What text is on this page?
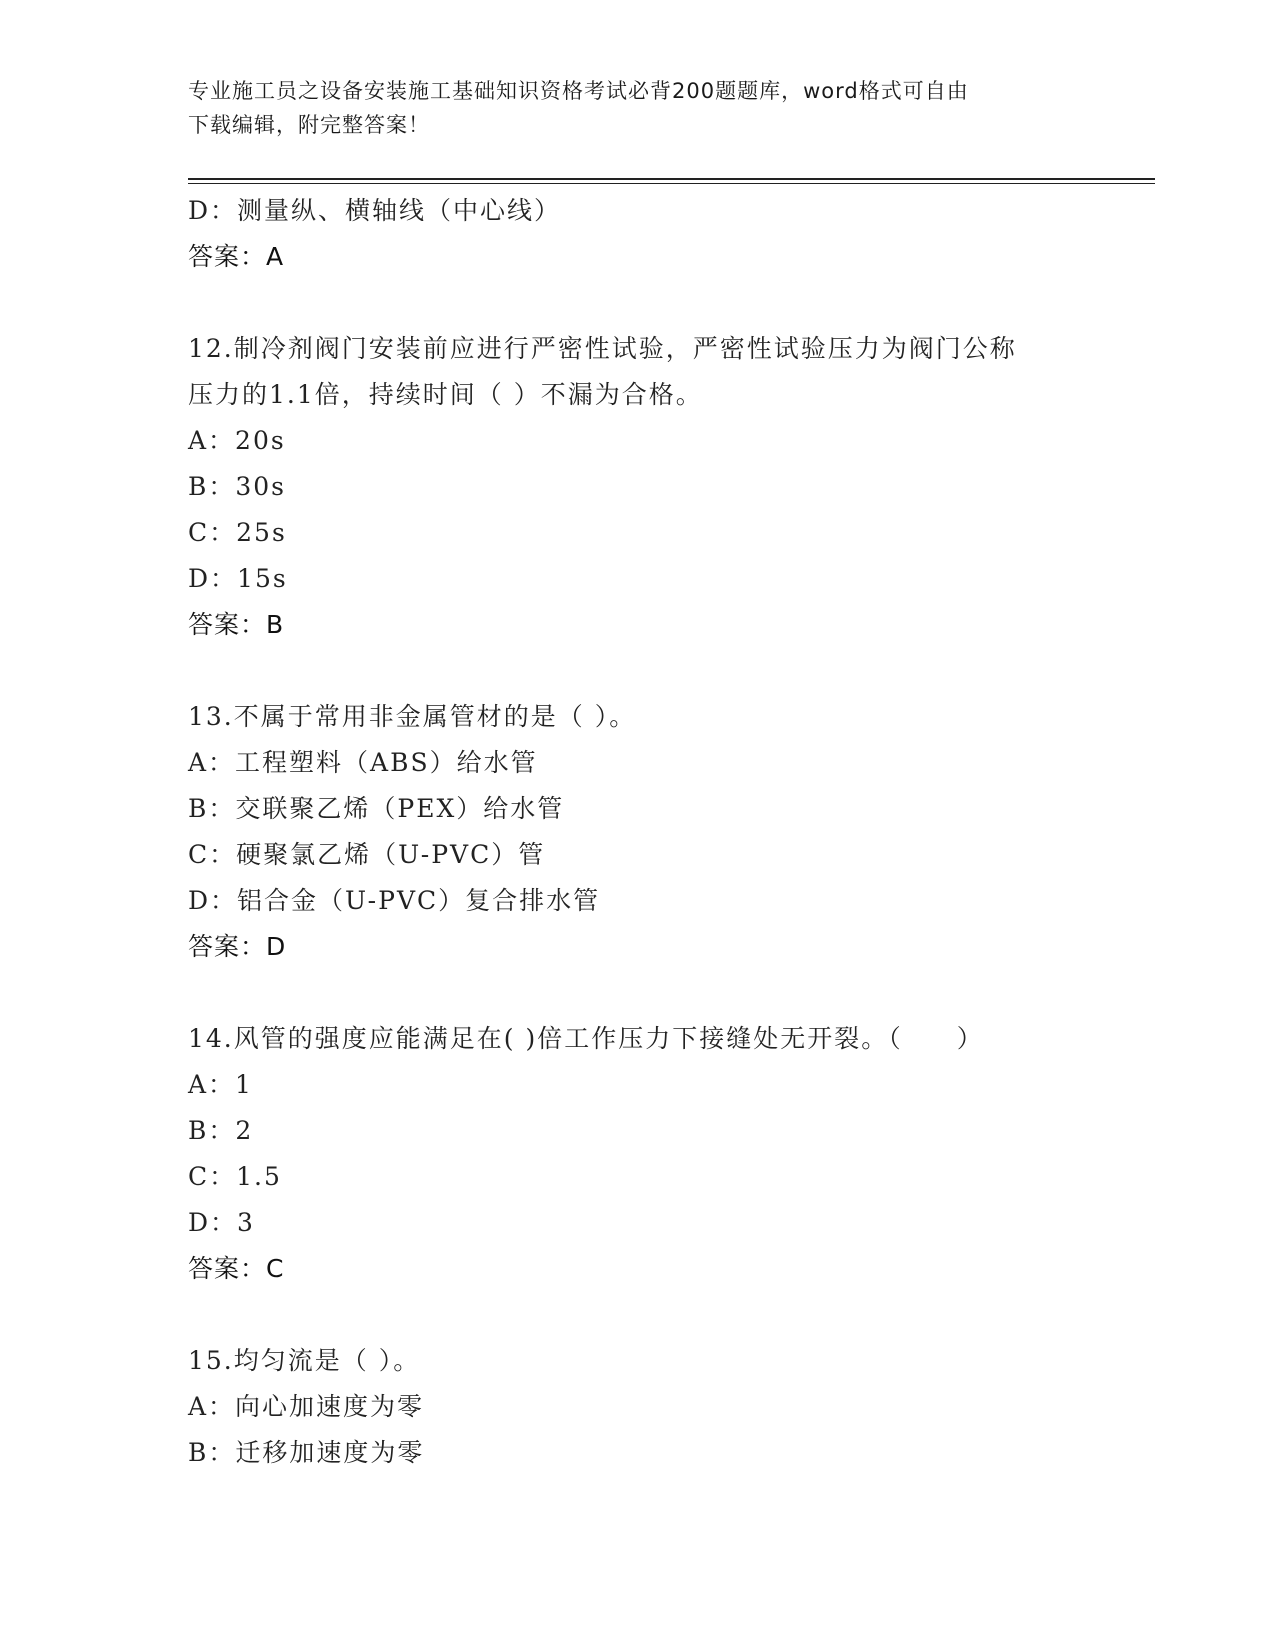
专业施工员之设备安装施工基础知识资格考试必背200题题库，word格式可自由
下载编辑，附完整答案！
D：测量纵、横轴线（中心线）
答案：A
12.制冷剂阀门安装前应进行严密性试验，严密性试验压力为阀门公称
压力的1.1倍，持续时间（ ）不漏为合格。
A：20s
B：30s
C：25s
D：15s
答案：B
13.不属于常用非金属管材的是（ ）。
A：工程塑料（ABS）给水管
B：交联聚乙烯（PEX）给水管
C：硬聚氯乙烯（U-PVC）管
D：铝合金（U-PVC）复合排水管
答案：D
14.风管的强度应能满足在( )倍工作压力下接缝处无开裂。（　　）
A：1
B：2
C：1.5
D：3
答案：C
15.均匀流是（ ）。
A：向心加速度为零
B：迁移加速度为零
